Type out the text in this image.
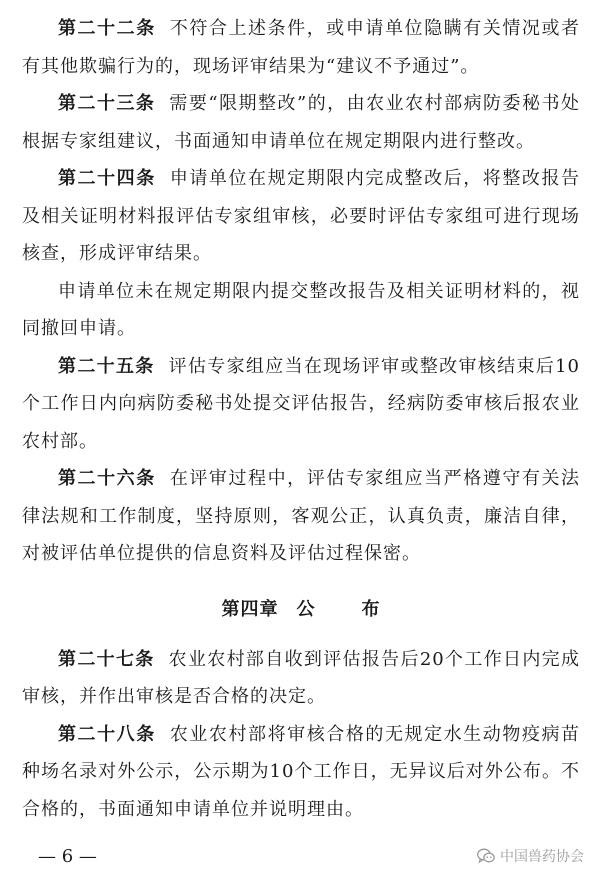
第二十二条 不符合上述条件，或申请单位隐瞒有关情况或者有其他欺骗行为的，现场评审结果为“建议不予通过”。

第二十三条 需要“限期整改”的，由农业农村部病防委秘书处根据专家组建议，书面通知申请单位在规定期限内进行整改。

第二十四条 申请单位在规定期限内完成整改后，将整改报告及相关证明材料报评估专家组审核，必要时评估专家组可进行现场核查，形成评审结果。

申请单位未在规定期限内提交整改报告及相关证明材料的，视同撤回申请。

第二十五条 评估专家组应当在现场评审或整改审核结束后10个工作日内向病防委秘书处提交评估报告，经病防委审核后报农业农村部。

第二十六条 在评审过程中，评估专家组应当严格遵守有关法律法规和工作制度，坚持原则，客观公正，认真负责，廉洁自律，对被评估单位提供的信息资料及评估过程保密。

第四章 公	布

第二十七条 农业农村部自收到评估报告后20个工作日内完成审核，并作出审核是否合格的决定。

第二十八条 农业农村部将审核合格的无规定水生动物疫病苗种场名录对外公示，公示期为10个工作日，无异议后对外公布。不合格的，书面通知申请单位并说明理由。

— 6 —	中国兽药协会
